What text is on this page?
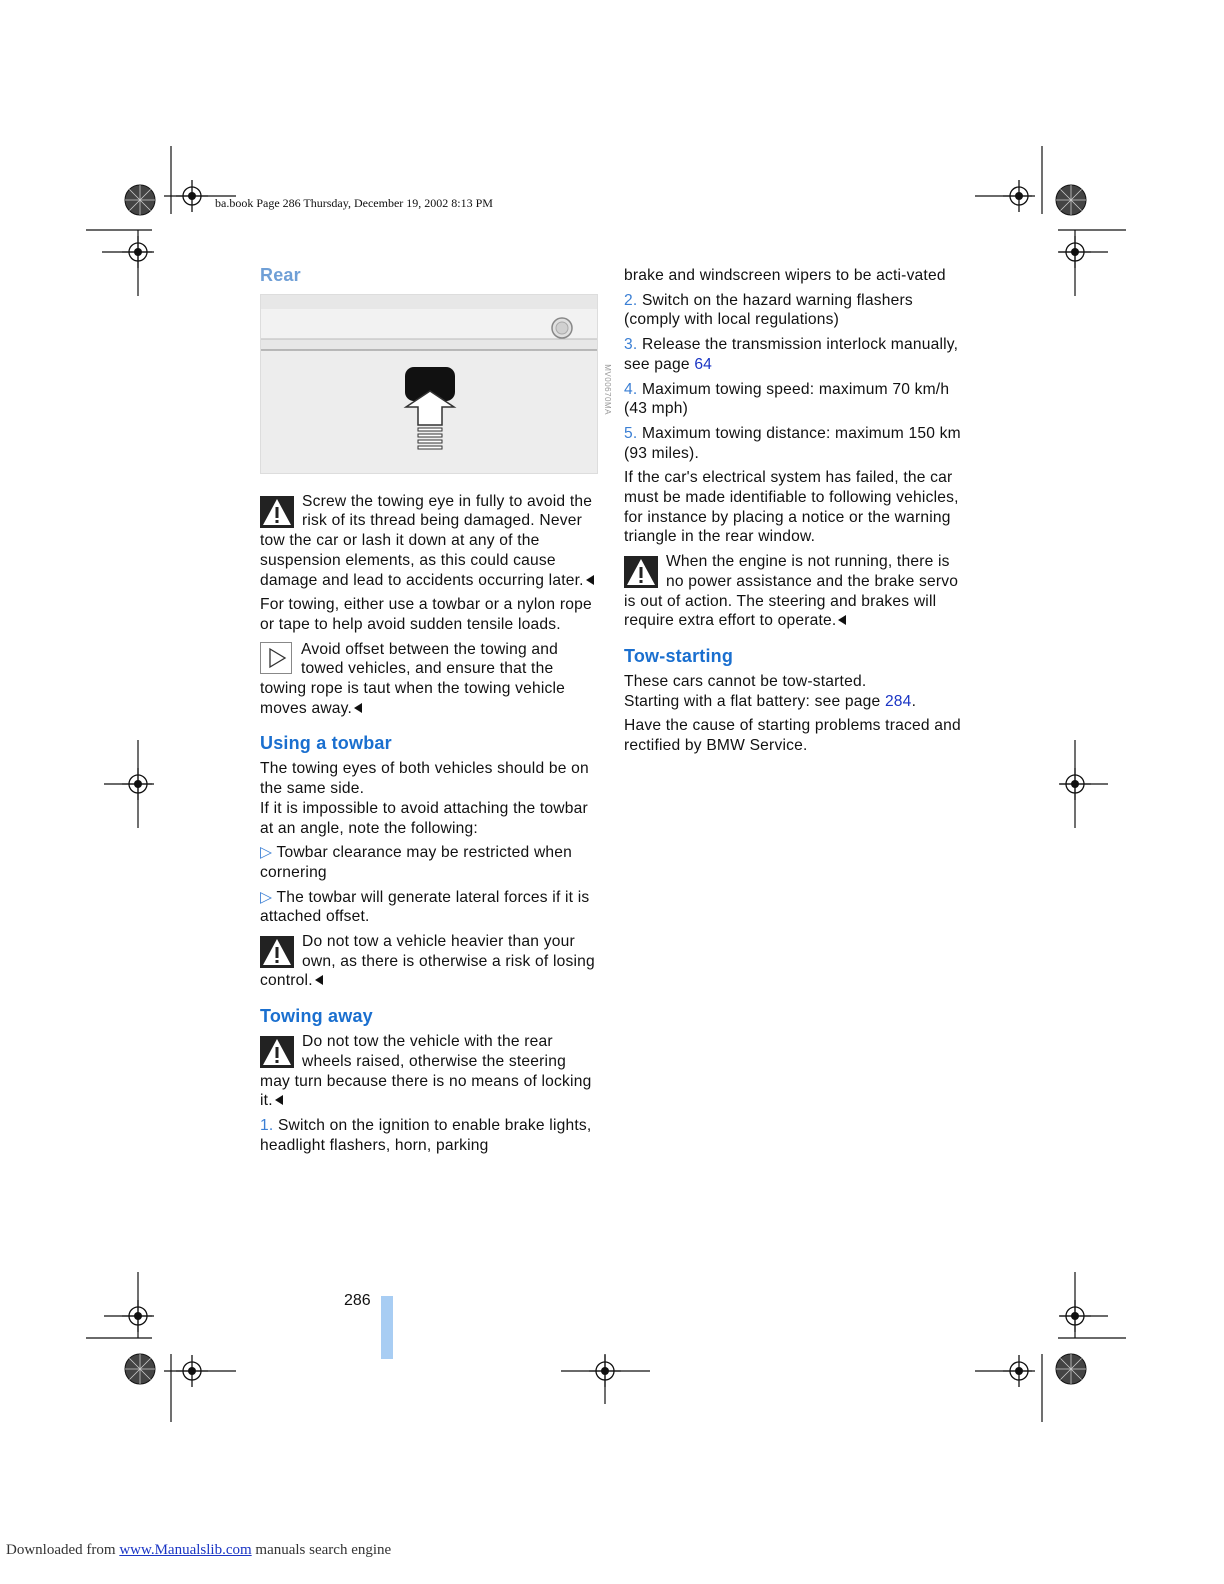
ba.book Page 286 Thursday, December 19, 2002 8:13 PM
Rear
MV00670MA
Screw the towing eye in fully to avoid the risk of its thread being damaged. Never tow the car or lash it down at any of the suspension elements, as this could cause damage and lead to accidents occurring later.

For towing, either use a towbar or a nylon rope or tape to help avoid sudden tensile loads.

Avoid offset between the towing and towed vehicles, and ensure that the towing rope is taut when the towing vehicle moves away.
Using a towbar

The towing eyes of both vehicles should be on the same side.

If it is impossible to avoid attaching the towbar at an angle, note the following:

▷ Towbar clearance may be restricted when cornering

▷ The towbar will generate lateral forces if it is attached offset.

Do not tow a vehicle heavier than your own, as there is otherwise a risk of losing control.
Towing away
Do not tow the vehicle with the rear wheels raised, otherwise the steering may turn because there is no means of locking it.

1. Switch on the ignition to enable brake lights, headlight flashers, horn, parking

brake and windscreen wipers to be acti-vated

2. Switch on the hazard warning flashers (comply with local regulations)

3. Release the transmission interlock manually, see page 64

4. Maximum towing speed: maximum 70 km/h (43 mph)

5. Maximum towing distance: maximum 150 km (93 miles).

If the car's electrical system has failed, the car must be made identifiable to following vehicles, for instance by placing a notice or the warning triangle in the rear window.

When the engine is not running, there is no power assistance and the brake servo is out of action. The steering and brakes will require extra effort to operate.
Tow-starting

These cars cannot be tow-started.

Starting with a flat battery: see page 284.

Have the cause of starting problems traced and rectified by BMW Service.

286
Downloaded from www.Manualslib.com manuals search engine
